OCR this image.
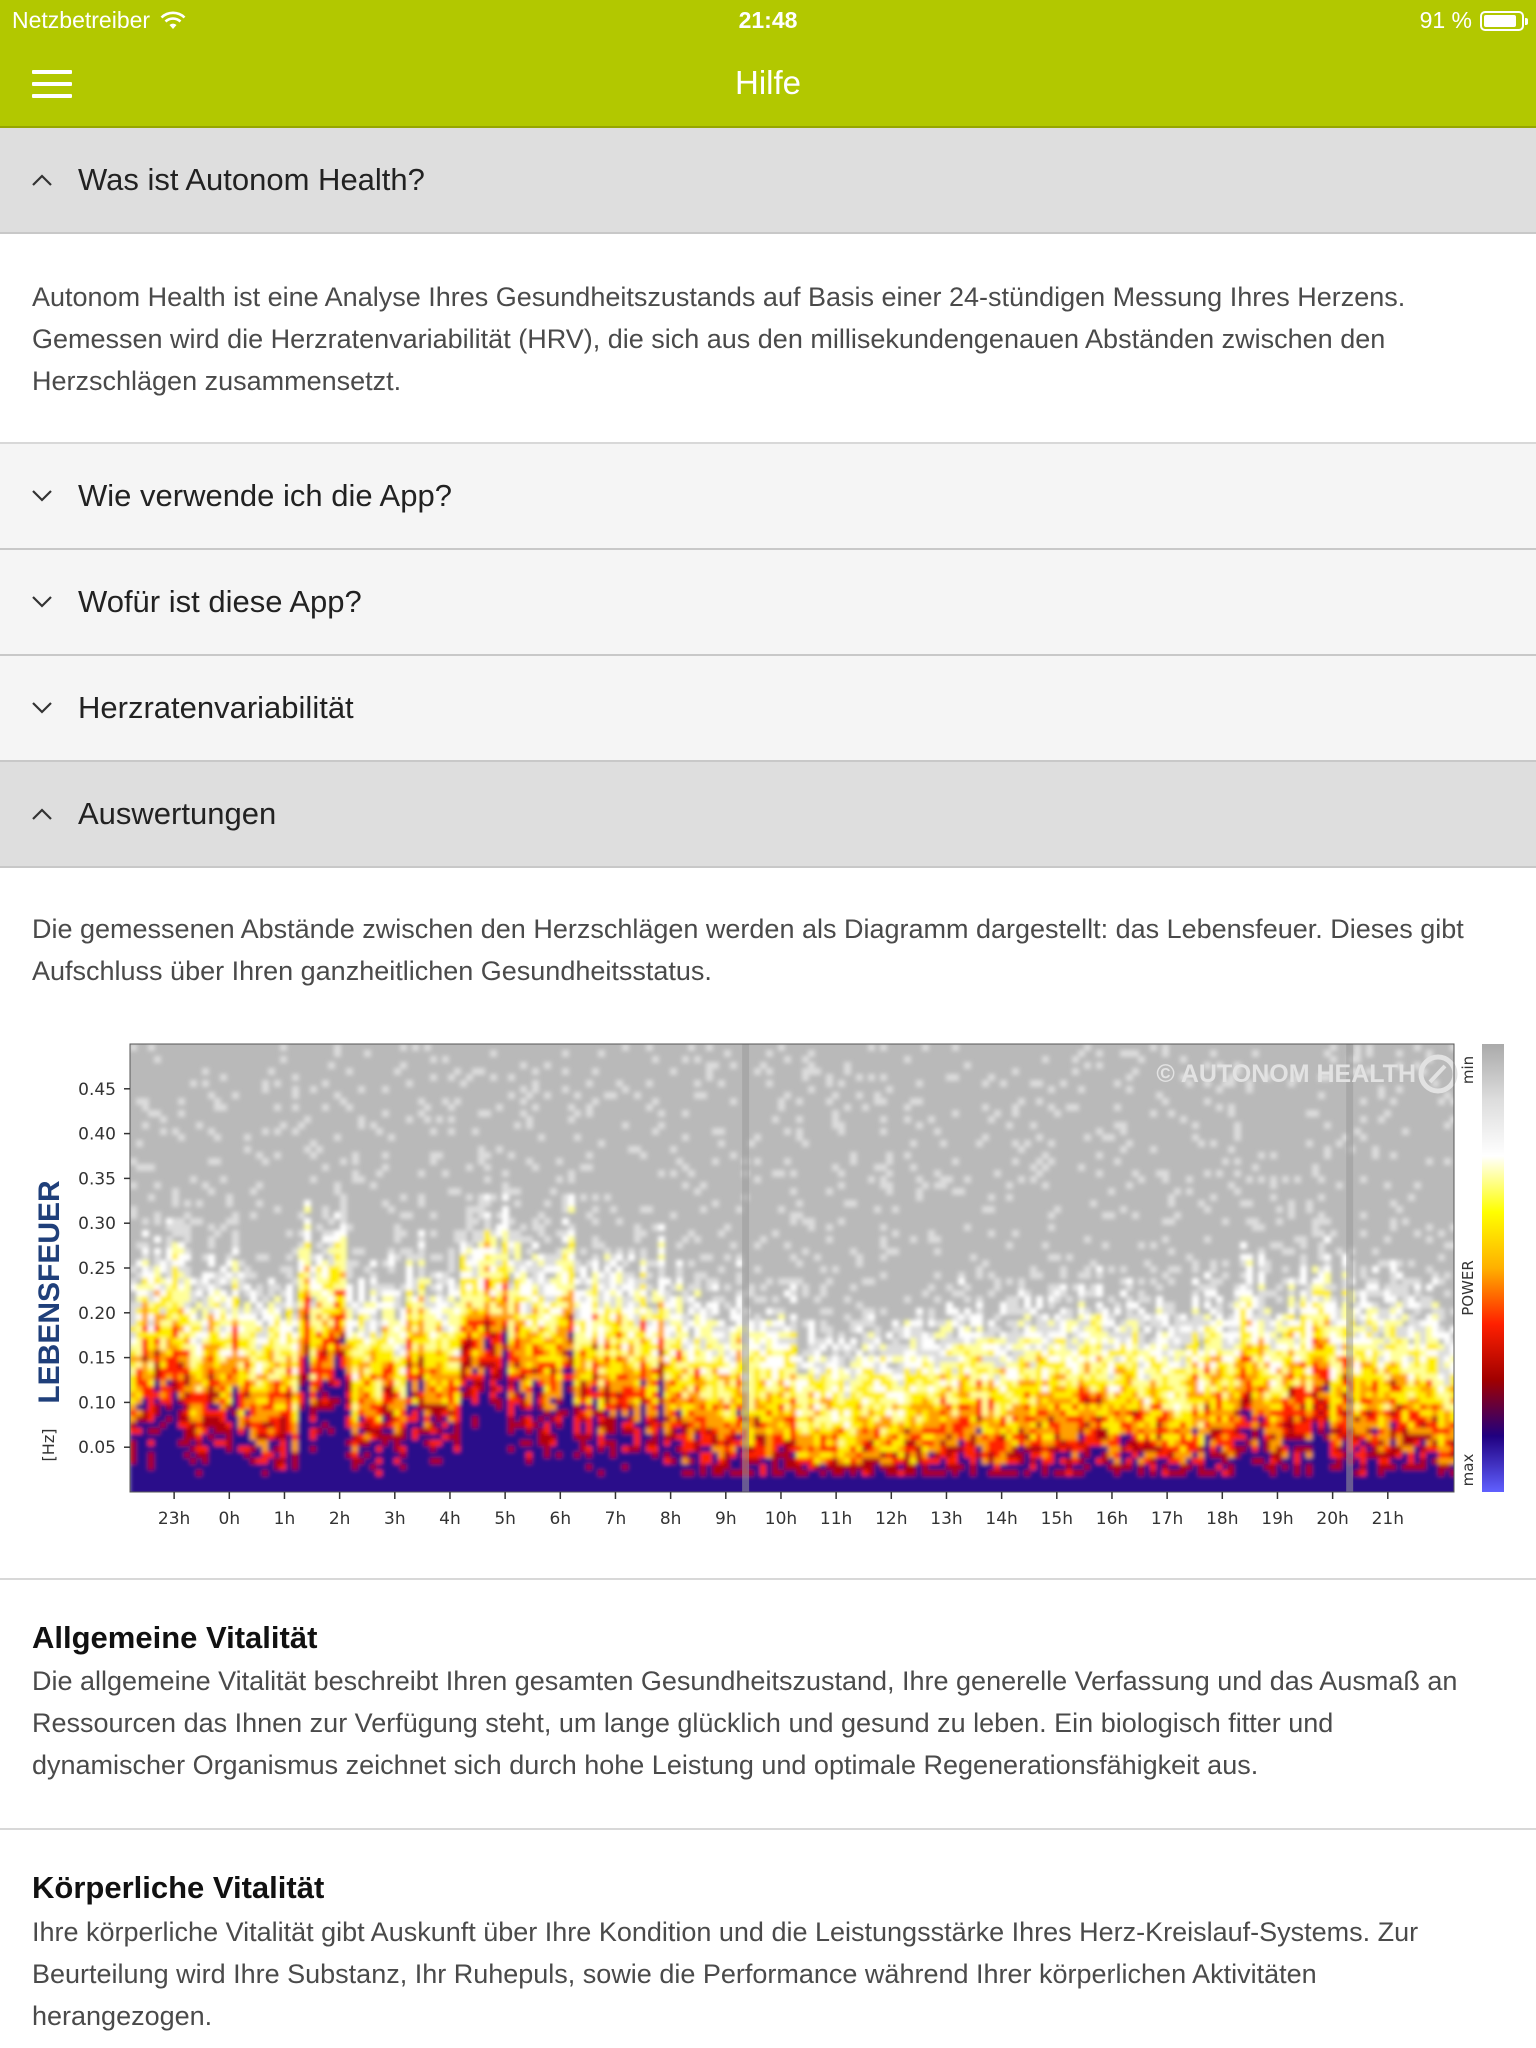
Netzbetreiber	21:48	91 %
Hilfe
Was ist Autonom Health?

Autonom Health ist eine Analyse Ihres Gesundheitszustands auf Basis einer 24-stündigen Messung Ihres Herzens. Gemessen wird die Herzratenvariabilität (HRV), die sich aus den millisekundengenauen Abständen zwischen den Herzschlägen zusammensetzt.

Wie verwende ich die App?
Wofür ist diese App?
Herzratenvariabilität
Auswertungen

Die gemessenen Abstände zwischen den Herzschlägen werden als Diagramm dargestellt: das Lebensfeuer. Dieses gibt Aufschluss über Ihren ganzheitlichen Gesundheitsstatus.

© AUTONOM HEALTH
0.05
0.10
0.15
0.20
0.25
0.30
0.35
0.40
0.45
23h 0h 1h 2h 3h 4h 5h 6h 7h 8h 9h 10h 11h 12h 13h 14h 15h 16h 17h 18h 19h 20h 21h
LEBENSFEUER
[Hz]
min
POWER
max
Allgemeine Vitalität

Die allgemeine Vitalität beschreibt Ihren gesamten Gesundheitszustand, Ihre generelle Verfassung und das Ausmaß an Ressourcen das Ihnen zur Verfügung steht, um lange glücklich und gesund zu leben. Ein biologisch fitter und dynamischer Organismus zeichnet sich durch hohe Leistung und optimale Regenerationsfähigkeit aus.

Körperliche Vitalität

Ihre körperliche Vitalität gibt Auskunft über Ihre Kondition und die Leistungsstärke Ihres Herz-Kreislauf-Systems. Zur Beurteilung wird Ihre Substanz, Ihr Ruhepuls, sowie die Performance während Ihrer körperlichen Aktivitäten herangezogen.
